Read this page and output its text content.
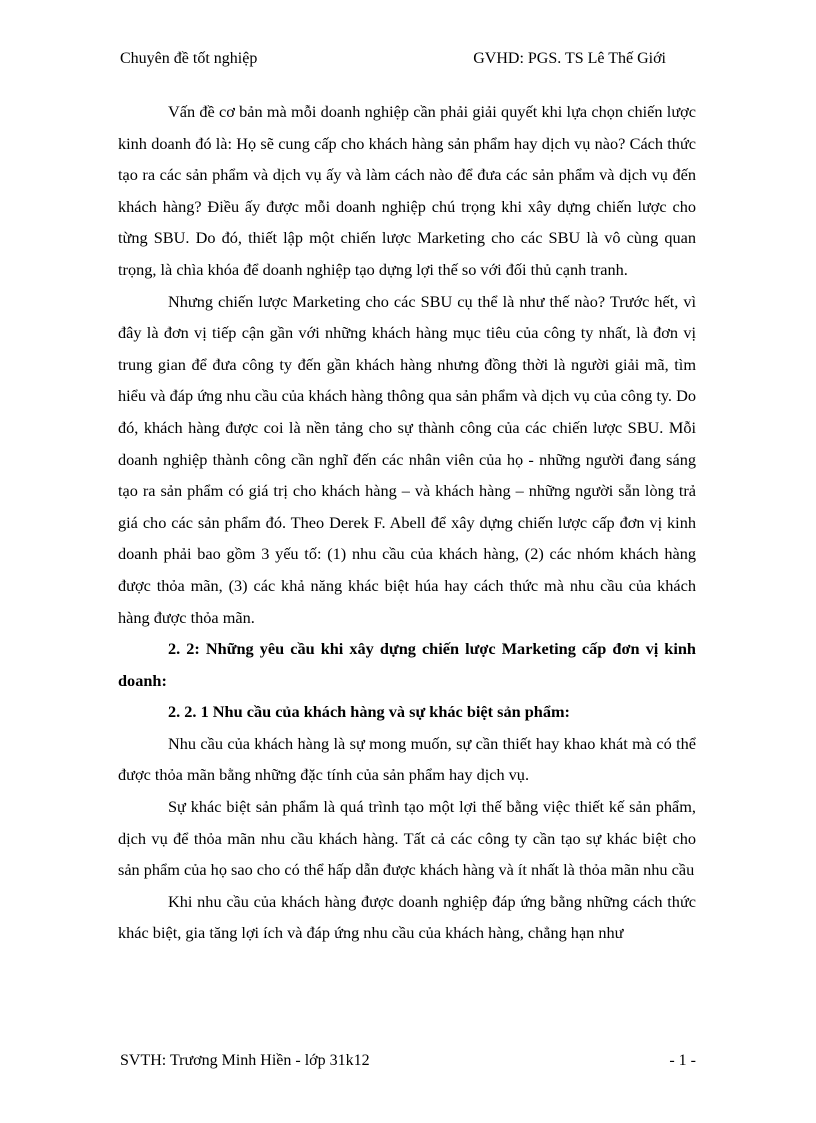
Chuyên đề tốt nghiệp	GVHD: PGS. TS Lê Thế Giới

Vấn đề cơ bản mà mỗi doanh nghiệp cần phải giải quyết khi lựa chọn chiến lược kinh doanh đó là: Họ sẽ cung cấp cho khách hàng sản phẩm hay dịch vụ nào? Cách thức tạo ra các sản phẩm và dịch vụ ấy và làm cách nào để đưa các sản phẩm và dịch vụ đến khách hàng? Điều ấy được mỗi doanh nghiệp chú trọng khi xây dựng chiến lược cho từng SBU. Do đó, thiết lập một chiến lược Marketing cho các SBU là vô cùng quan trọng, là chìa khóa để doanh nghiệp tạo dựng lợi thế so với đối thủ cạnh tranh.

Nhưng chiến lược Marketing cho các SBU cụ thể là như thế nào? Trước hết, vì đây là đơn vị tiếp cận gần với những khách hàng mục tiêu của công ty nhất, là đơn vị trung gian để đưa công ty đến gần khách hàng nhưng đồng thời là người giải mã, tìm hiểu và đáp ứng nhu cầu của khách hàng thông qua sản phẩm và dịch vụ của công ty. Do đó, khách hàng được coi là nền tảng cho sự thành công của các chiến lược SBU. Mỗi doanh nghiệp thành công cần nghĩ đến các nhân viên của họ - những người đang sáng tạo ra sản phẩm có giá trị cho khách hàng – và khách hàng – những người sẵn lòng trả giá cho các sản phẩm đó. Theo Derek F. Abell để xây dựng chiến lược cấp đơn vị kinh doanh phải bao gồm 3 yếu tố: (1) nhu cầu của khách hàng, (2) các nhóm khách hàng được thỏa mãn, (3) các khả năng khác biệt húa hay cách thức mà nhu cầu của khách hàng được thỏa mãn.

2. 2: Những yêu cầu khi xây dựng chiến lược Marketing cấp đơn vị kinh doanh:
2. 2. 1 Nhu cầu của khách hàng và sự khác biệt sản phẩm:

Nhu cầu của khách hàng là sự mong muốn, sự cần thiết hay khao khát mà có thể được thỏa mãn bằng những đặc tính của sản phẩm hay dịch vụ.

Sự khác biệt sản phẩm là quá trình tạo một lợi thế bằng việc thiết kế sản phẩm, dịch vụ để thỏa mãn nhu cầu khách hàng. Tất cả các công ty cần tạo sự khác biệt cho sản phẩm của họ sao cho có thể hấp dẫn được khách hàng và ít nhất là thỏa mãn nhu cầu

Khi nhu cầu của khách hàng được doanh nghiệp đáp ứng bằng những cách thức khác biệt, gia tăng lợi ích và đáp ứng nhu cầu của khách hàng, chẳng hạn như

SVTH: Trương Minh Hiền - lớp 31k12	- 1 -
